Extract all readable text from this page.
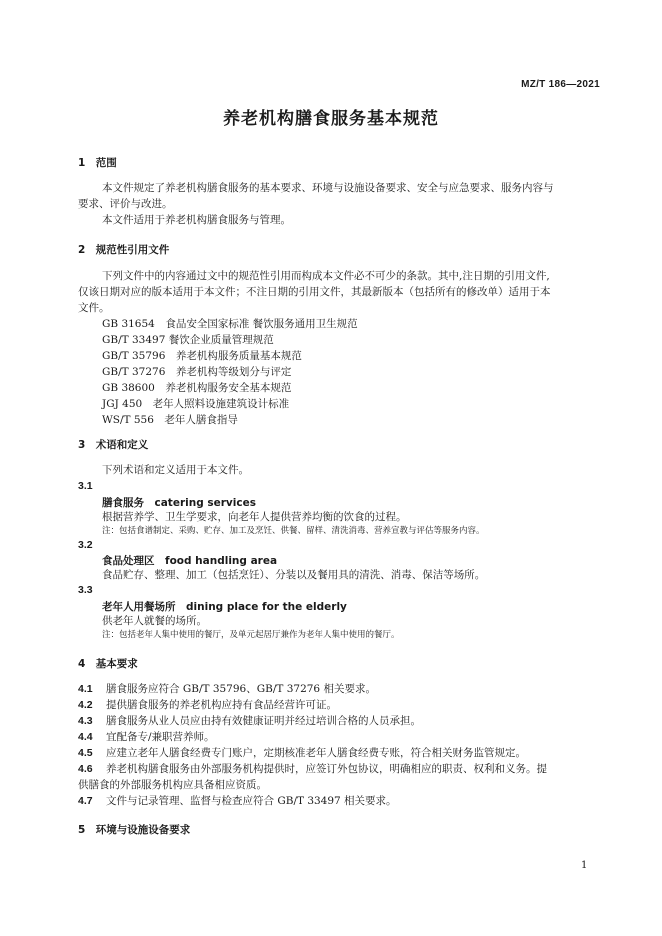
MZ/T 186—2021
养老机构膳食服务基本规范
1　范围
本文件规定了养老机构膳食服务的基本要求、环境与设施设备要求、安全与应急要求、服务内容与
要求、评价与改进。
本文件适用于养老机构膳食服务与管理。
2　规范性引用文件
下列文件中的内容通过文中的规范性引用而构成本文件必不可少的条款。其中,注日期的引用文件,
仅该日期对应的版本适用于本文件；不注日期的引用文件，其最新版本（包括所有的修改单）适用于本
文件。
GB 31654　食品安全国家标准 餐饮服务通用卫生规范
GB/T 33497 餐饮企业质量管理规范
GB/T 35796　养老机构服务质量基本规范
GB/T 37276　养老机构等级划分与评定
GB 38600　养老机构服务安全基本规范
JGJ 450　老年人照料设施建筑设计标准
WS/T 556　老年人膳食指导
3　术语和定义
下列术语和定义适用于本文件。
3.1
膳食服务　catering services
根据营养学、卫生学要求，向老年人提供营养均衡的饮食的过程。
注：包括食谱制定、采购、贮存、加工及烹饪、供餐、留样、清洗消毒、营养宣教与评估等服务内容。
3.2
食品处理区　food handling area
食品贮存、整理、加工（包括烹饪）、分装以及餐用具的清洗、消毒、保洁等场所。
3.3
老年人用餐场所　dining place for the elderly
供老年人就餐的场所。
注：包括老年人集中使用的餐厅，及单元起居厅兼作为老年人集中使用的餐厅。
4　基本要求
4.1 膳食服务应符合 GB/T 35796、GB/T 37276 相关要求。
4.2 提供膳食服务的养老机构应持有食品经营许可证。
4.3 膳食服务从业人员应由持有效健康证明并经过培训合格的人员承担。
4.4 宜配备专/兼职营养师。
4.5 应建立老年人膳食经费专门账户，定期核准老年人膳食经费专账，符合相关财务监管规定。
4.6 养老机构膳食服务由外部服务机构提供时，应签订外包协议，明确相应的职责、权利和义务。提
供膳食的外部服务机构应具备相应资质。
4.7 文件与记录管理、监督与检查应符合 GB/T 33497 相关要求。
5　环境与设施设备要求
1
